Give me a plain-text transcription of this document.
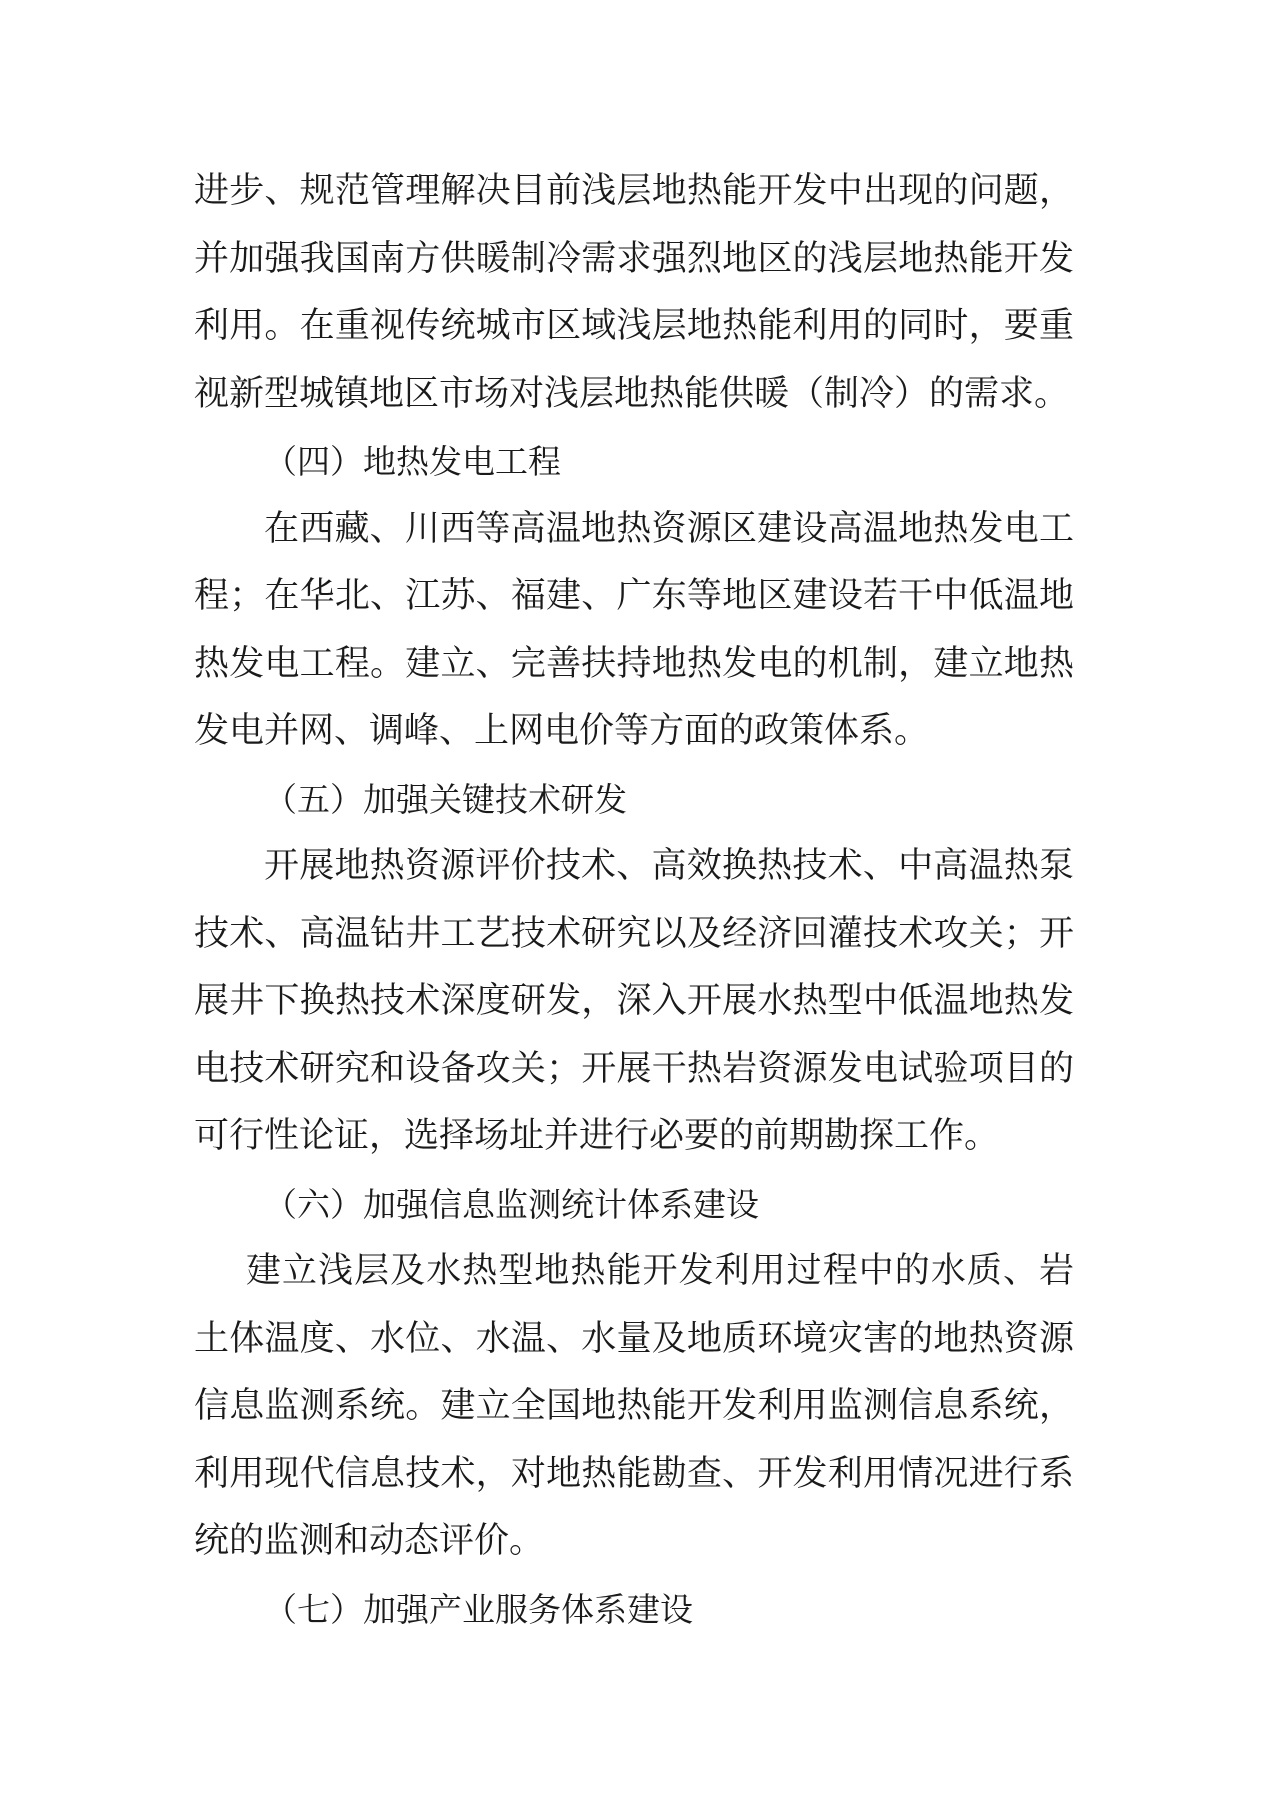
进步、规范管理解决目前浅层地热能开发中出现的问题，并加强我国南方供暖制冷需求强烈地区的浅层地热能开发利用。在重视传统城市区域浅层地热能利用的同时，要重视新型城镇地区市场对浅层地热能供暖（制冷）的需求。

（四）地热发电工程

在西藏、川西等高温地热资源区建设高温地热发电工程；在华北、江苏、福建、广东等地区建设若干中低温地热发电工程。建立、完善扶持地热发电的机制，建立地热发电并网、调峰、上网电价等方面的政策体系。

（五）加强关键技术研发

开展地热资源评价技术、高效换热技术、中高温热泵技术、高温钻井工艺技术研究以及经济回灌技术攻关；开展井下换热技术深度研发，深入开展水热型中低温地热发电技术研究和设备攻关；开展干热岩资源发电试验项目的可行性论证，选择场址并进行必要的前期勘探工作。

（六）加强信息监测统计体系建设

建立浅层及水热型地热能开发利用过程中的水质、岩土体温度、水位、水温、水量及地质环境灾害的地热资源信息监测系统。建立全国地热能开发利用监测信息系统，利用现代信息技术，对地热能勘查、开发利用情况进行系统的监测和动态评价。

（七）加强产业服务体系建设
